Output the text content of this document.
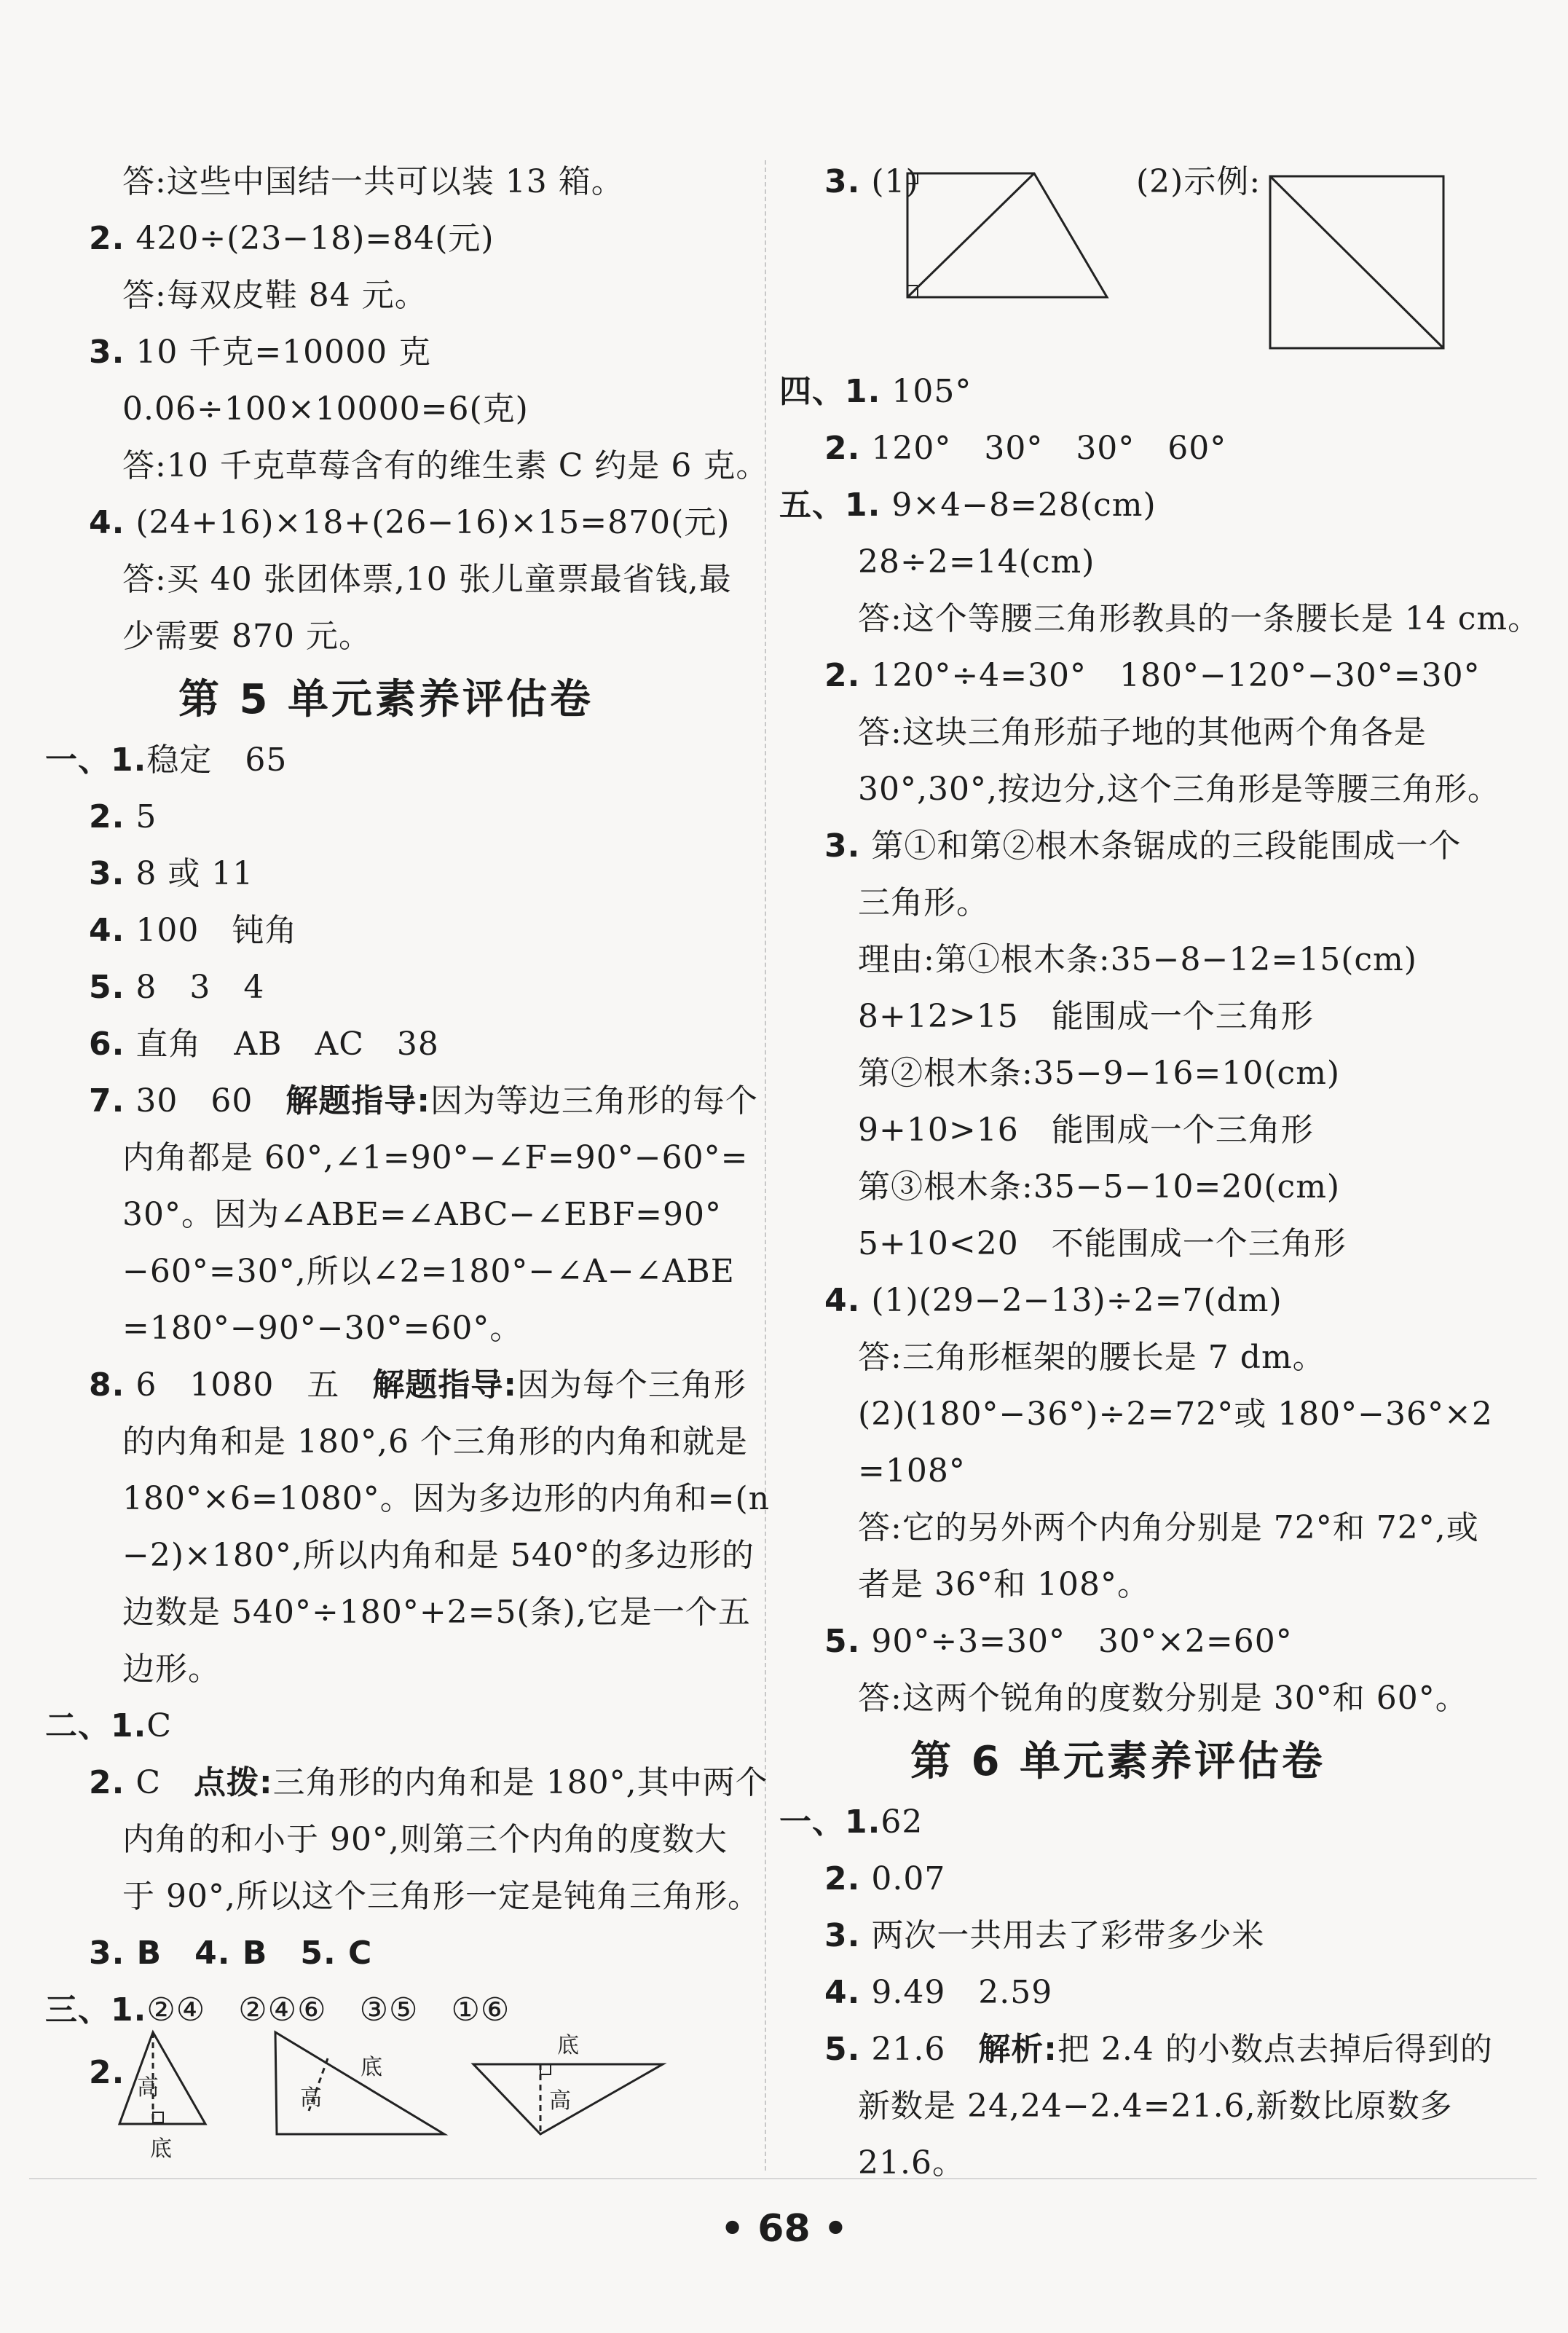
答:这些中国结一共可以装 13 箱。
2. 420÷(23−18)=84(元)
答:每双皮鞋 84 元。
3. 10 千克=10000 克
0.06÷100×10000=6(克)
答:10 千克草莓含有的维生素 C 约是 6 克。
4. (24+16)×18+(26−16)×15=870(元)
答:买 40 张团体票,10 张儿童票最省钱,最
少需要 870 元。
第 5 单元素养评估卷
一、1.稳定　65
2. 5
3. 8 或 11
4. 100　钝角
5. 8　3　4
6. 直角　AB　AC　38
7. 30　60　解题指导:因为等边三角形的每个
内角都是 60°,∠1=90°−∠F=90°−60°=
30°。因为∠ABE=∠ABC−∠EBF=90°
−60°=30°,所以∠2=180°−∠A−∠ABE
=180°−90°−30°=60°。
8. 6　1080　五　解题指导:因为每个三角形
的内角和是 180°,6 个三角形的内角和就是
180°×6=1080°。因为多边形的内角和=(n
−2)×180°,所以内角和是 540°的多边形的
边数是 540°÷180°+2=5(条),它是一个五
边形。
二、1.C
2. C　点拨:三角形的内角和是 180°,其中两个
内角的和小于 90°,则第三个内角的度数大
于 90°,所以这个三角形一定是钝角三角形。
3. B　4. B　5. C
三、1.②④　②④⑥　③⑤　①⑥
2. 高
底
底
高
底
高
3. (1)	(2)示例:
四、1. 105°
2. 120°　30°　30°　60°
五、1. 9×4−8=28(cm)
28÷2=14(cm)
答:这个等腰三角形教具的一条腰长是 14 cm。
2. 120°÷4=30°　180°−120°−30°=30°
答:这块三角形茄子地的其他两个角各是
30°,30°,按边分,这个三角形是等腰三角形。
3. 第①和第②根木条锯成的三段能围成一个
三角形。
理由:第①根木条:35−8−12=15(cm)
8+12>15　能围成一个三角形
第②根木条:35−9−16=10(cm)
9+10>16　能围成一个三角形
第③根木条:35−5−10=20(cm)
5+10<20　不能围成一个三角形
4. (1)(29−2−13)÷2=7(dm)
答:三角形框架的腰长是 7 dm。
(2)(180°−36°)÷2=72°或 180°−36°×2
=108°
答:它的另外两个内角分别是 72°和 72°,或
者是 36°和 108°。
5. 90°÷3=30°　30°×2=60°
答:这两个锐角的度数分别是 30°和 60°。
第 6 单元素养评估卷
一、1.62
2. 0.07
3. 两次一共用去了彩带多少米
4. 9.49　2.59
5. 21.6　解析:把 2.4 的小数点去掉后得到的
新数是 24,24−2.4=21.6,新数比原数多
21.6。
• 68 •
